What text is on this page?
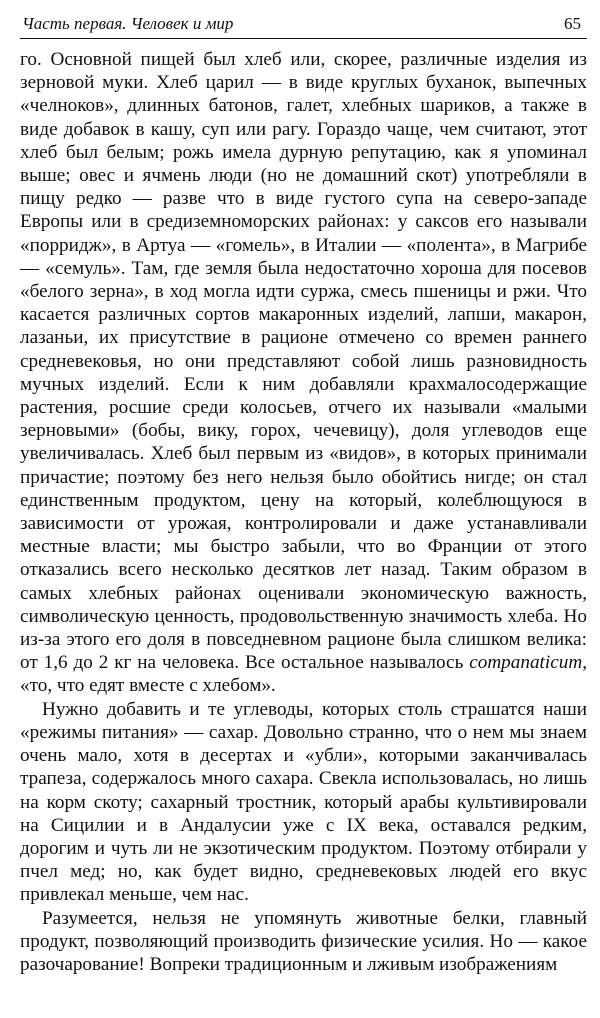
Часть первая. Человек и мир	65

го. Основной пищей был хлеб или, скорее, различные изделия из зерновой муки. Хлеб царил — в виде круглых буханок, выпечных «челноков», длинных батонов, галет, хлебных шариков, а также в виде добавок в кашу, суп или рагу. Гораздо чаще, чем считают, этот хлеб был белым; рожь имела дурную репутацию, как я упоминал выше; овес и ячмень люди (но не домашний скот) употребляли в пищу редко — разве что в виде густого супа на северо-западе Европы или в средиземноморских районах: у саксов его называли «порридж», в Артуа — «гомель», в Италии — «полента», в Магрибе — «семуль». Там, где земля была недостаточно хороша для посевов «белого зерна», в ход могла идти суржа, смесь пшеницы и ржи. Что касается различных сортов макаронных изделий, лапши, макарон, лазаньи, их присутствие в рационе отмечено со времен раннего средневековья, но они представляют собой лишь разновидность мучных изделий. Если к ним добавляли крахмалосодержащие растения, росшие среди колосьев, отчего их называли «малыми зерновыми» (бобы, вику, горох, чечевицу), доля углеводов еще увеличивалась. Хлеб был первым из «видов», в которых принимали причастие; поэтому без него нельзя было обойтись нигде; он стал единственным продуктом, цену на который, колеблющуюся в зависимости от урожая, контролировали и даже устанавливали местные власти; мы быстро забыли, что во Франции от этого отказались всего несколько десятков лет назад. Таким образом в самых хлебных районах оценивали экономическую важность, символическую ценность, продовольственную значимость хлеба. Но из-за этого его доля в повседневном рационе была слишком велика: от 1,6 до 2 кг на человека. Все остальное называлось companaticum, «то, что едят вместе с хлебом».

Нужно добавить и те углеводы, которых столь страшатся наши «режимы питания» — сахар. Довольно странно, что о нем мы знаем очень мало, хотя в десертах и «убли», которыми заканчивалась трапеза, содержалось много сахара. Свекла использовалась, но лишь на корм скоту; сахарный тростник, который арабы культивировали на Сицилии и в Андалусии уже с IX века, оставался редким, дорогим и чуть ли не экзотическим продуктом. Поэтому отбирали у пчел мед; но, как будет видно, средневековых людей его вкус привлекал меньше, чем нас.

Разумеется, нельзя не упомянуть животные белки, главный продукт, позволяющий производить физические усилия. Но — какое разочарование! Вопреки традиционным и лживым изображениям
